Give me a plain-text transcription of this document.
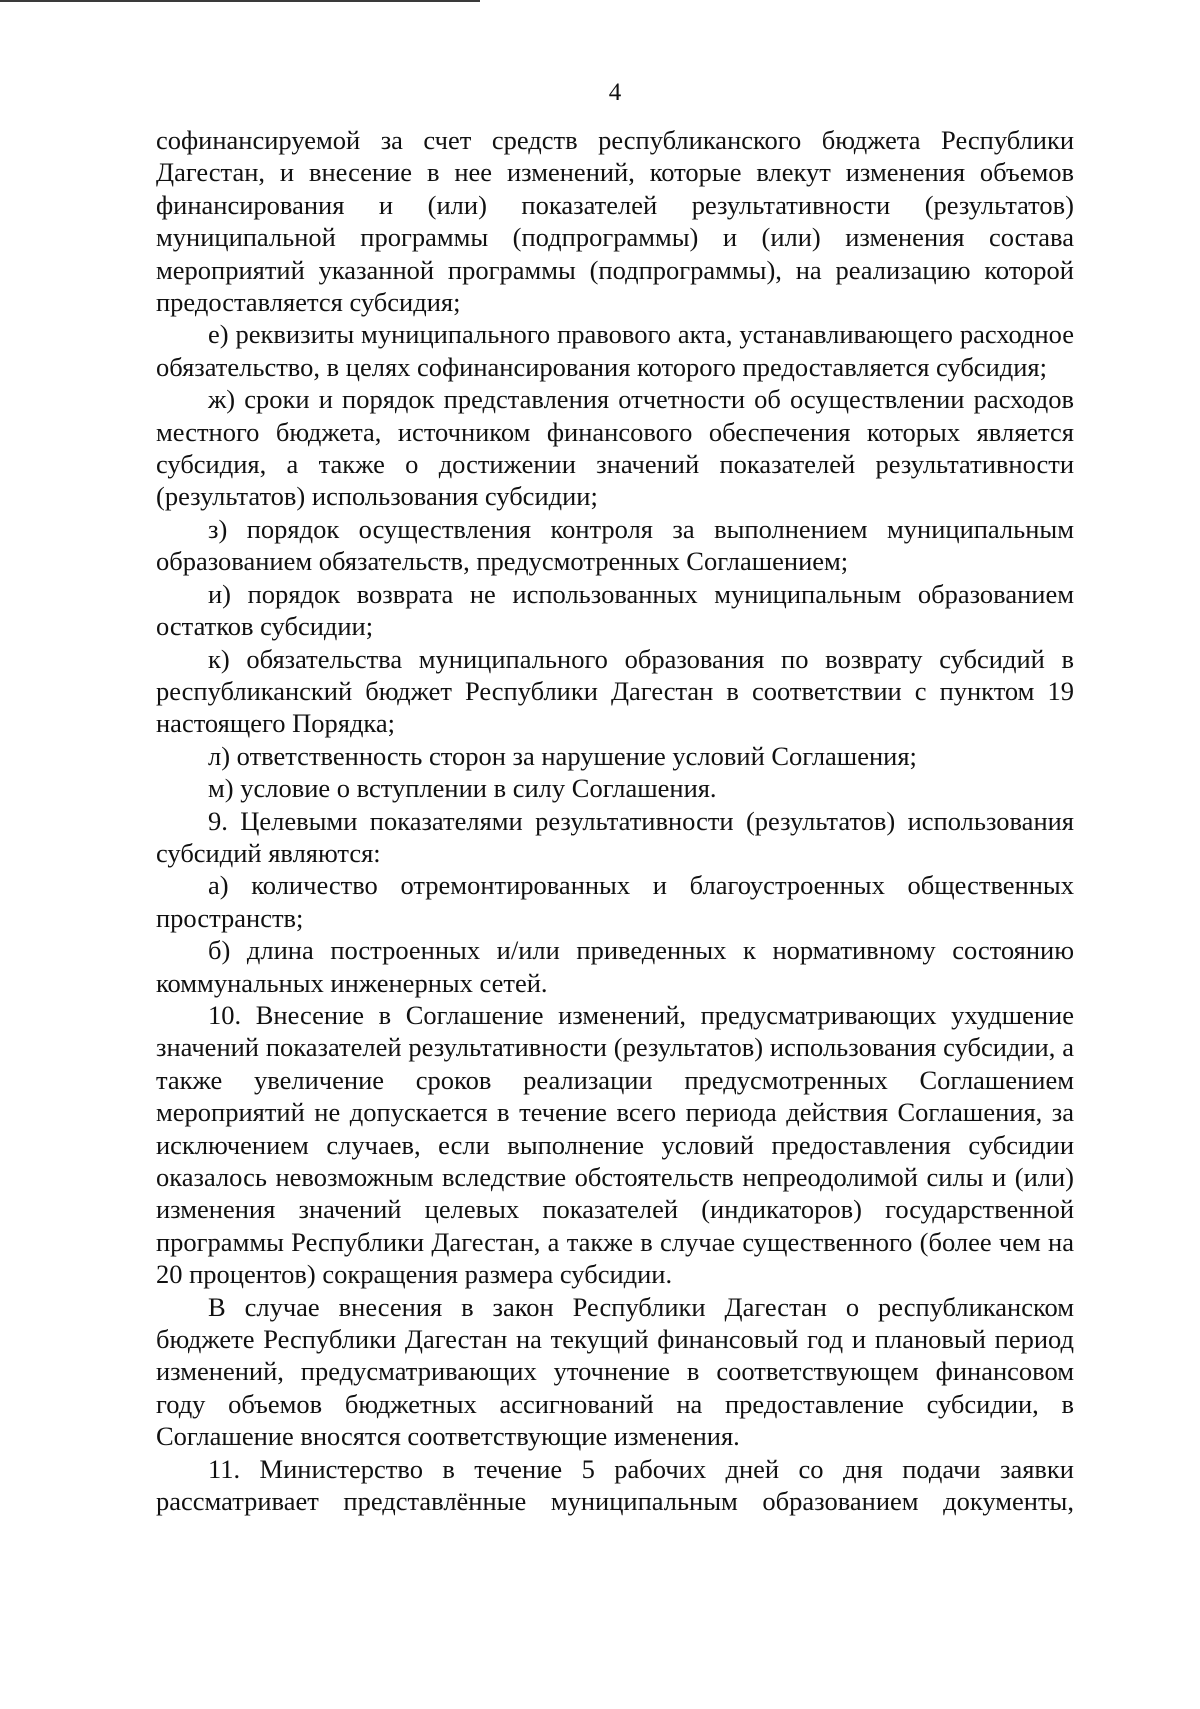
4

софинансируемой за счет средств республиканского бюджета Республики Дагестан, и внесение в нее изменений, которые влекут изменения объемов финансирования и (или) показателей результативности (результатов) муниципальной программы (подпрограммы) и (или) изменения состава мероприятий указанной программы (подпрограммы), на реализацию которой предоставляется субсидия;

е) реквизиты муниципального правового акта, устанавливающего расходное обязательство, в целях софинансирования которого предоставляется субсидия;

ж) сроки и порядок представления отчетности об осуществлении расходов местного бюджета, источником финансового обеспечения которых является субсидия, а также о достижении значений показателей результативности (результатов) использования субсидии;

з) порядок осуществления контроля за выполнением муниципальным образованием обязательств, предусмотренных Соглашением;

и) порядок возврата не использованных муниципальным образованием остатков субсидии;

к) обязательства муниципального образования по возврату субсидий в республиканский бюджет Республики Дагестан в соответствии с пунктом 19 настоящего Порядка;

л) ответственность сторон за нарушение условий Соглашения;

м) условие о вступлении в силу Соглашения.

9. Целевыми показателями результативности (результатов) использования субсидий являются:

а) количество отремонтированных и благоустроенных общественных пространств;

б) длина построенных и/или приведенных к нормативному состоянию коммунальных инженерных сетей.

10. Внесение в Соглашение изменений, предусматривающих ухудшение значений показателей результативности (результатов) использования субсидии, а также увеличение сроков реализации предусмотренных Соглашением мероприятий не допускается в течение всего периода действия Соглашения, за исключением случаев, если выполнение условий предоставления субсидии оказалось невозможным вследствие обстоятельств непреодолимой силы и (или) изменения значений целевых показателей (индикаторов) государственной программы Республики Дагестан, а также в случае существенного (более чем на 20 процентов) сокращения размера субсидии.

В случае внесения в закон Республики Дагестан о республиканском бюджете Республики Дагестан на текущий финансовый год и плановый период изменений, предусматривающих уточнение в соответствующем финансовом году объемов бюджетных ассигнований на предоставление субсидии, в Соглашение вносятся соответствующие изменения.

11. Министерство в течение 5 рабочих дней со дня подачи заявки рассматривает представлённые муниципальным образованием документы,
